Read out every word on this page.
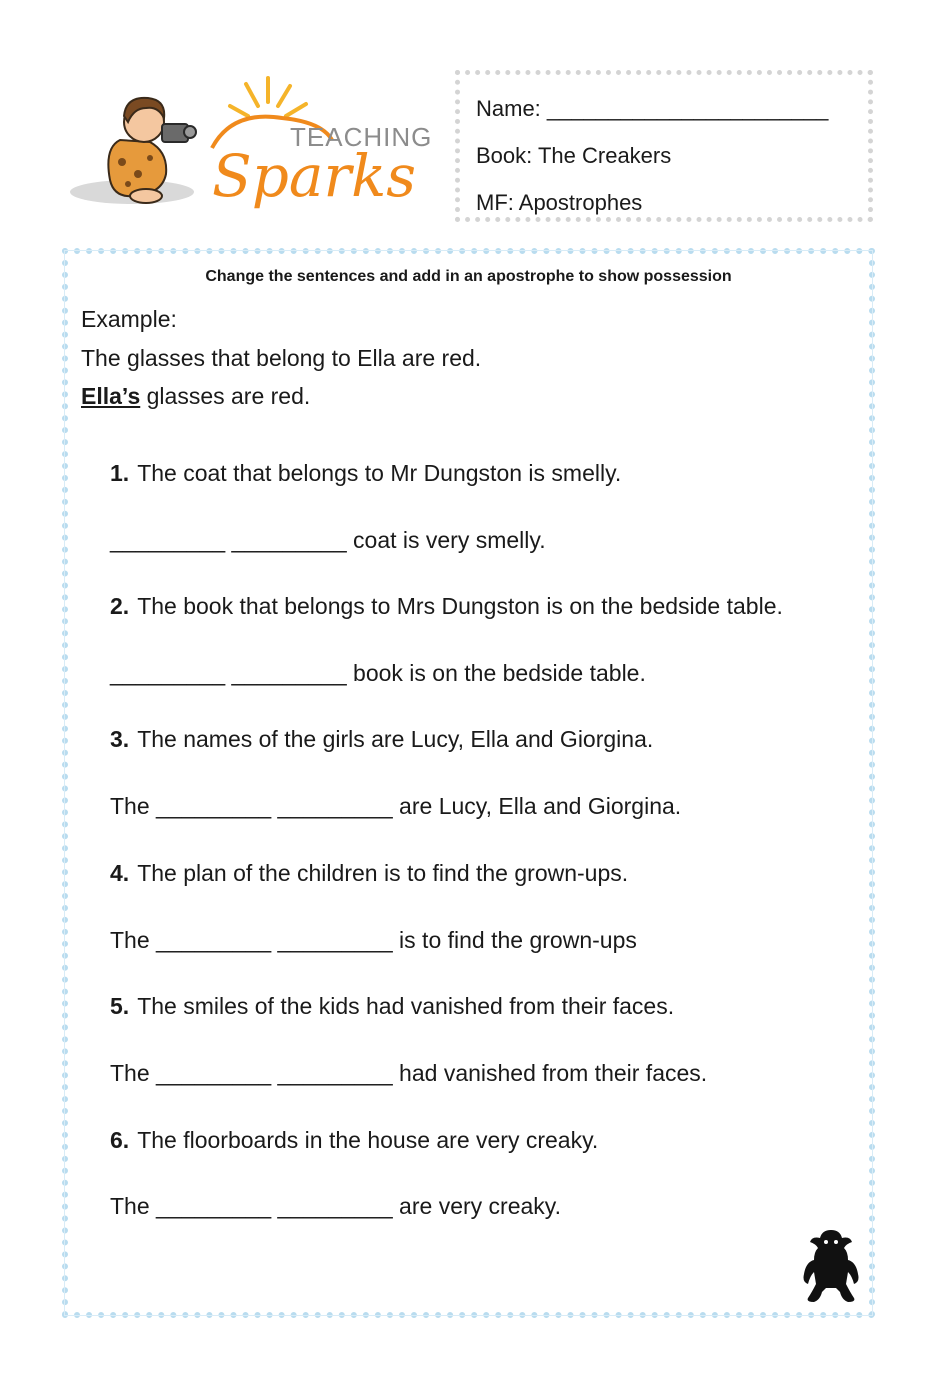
TEACHING
Sparks
Name: _______________________
Book: The Creakers
MF: Apostrophes
Change the sentences and add in an apostrophe to show possession
Example:
The glasses that belong to Ella are red.
Ella’s glasses are red.
1. The coat that belongs to Mr Dungston is smelly.
_________ _________ coat is very smelly.
2. The book that belongs to Mrs Dungston is on the bedside table.
_________ _________ book is on the bedside table.
3. The names of the girls are Lucy, Ella and Giorgina.
The _________ _________ are Lucy, Ella and Giorgina.
4. The plan of the children is to find the grown-ups.
The _________ _________ is to find the grown-ups
5. The smiles of the kids had vanished from their faces.
The _________ _________ had vanished from their faces.
6. The floorboards in the house are very creaky.
The _________ _________ are very creaky.
